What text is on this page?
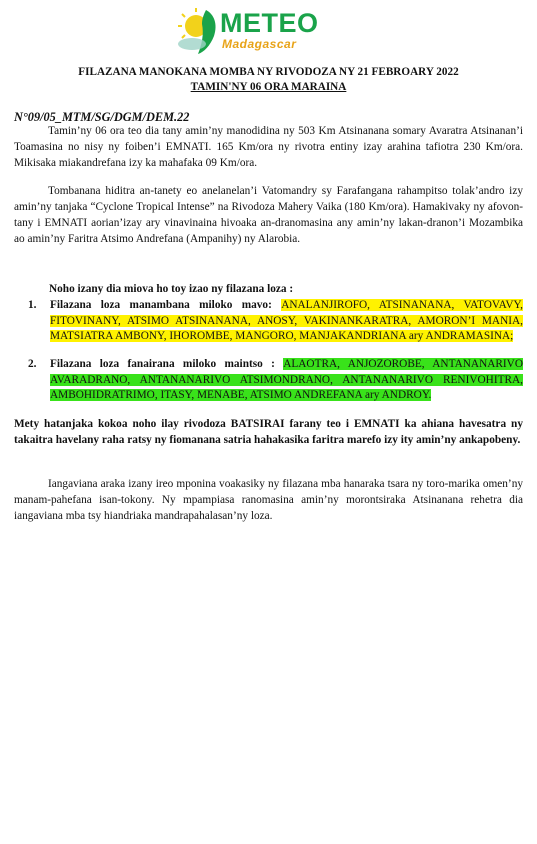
METEO
Madagascar
FILAZANA MANOKANA MOMBA NY RIVODOZA NY 21 FEBROARY 2022
TAMIN'NY 06 ORA MARAINA
N°09/05_MTM/SG/DGM/DEM.22
Tamin’ny 06 ora teo dia tany amin’ny manodidina ny 503 Km Atsinanana somary Avaratra Atsinanan’i Toamasina no nisy ny foiben’i EMNATI. 165 Km/ora ny rivotra entiny izay arahina tafiotra 230 Km/ora. Mikisaka miakandrefana izy ka mahafaka 09 Km/ora.
Tombanana hiditra an-tanety eo anelanelan’i Vatomandry sy Farafangana rahampitso tolak’andro izy amin’ny tanjaka “Cyclone Tropical Intense” na Rivodoza Mahery Vaika (180 Km/ora). Hamakivaky ny afovon-tany i EMNATI aorian’izay ary vinavinaina hivoaka an-dranomasina any amin’ny lakan-dranon’i Mozambika ao amin’ny Faritra Atsimo Andrefana (Ampanihy) ny Alarobia.
Noho izany dia miova ho toy izao ny filazana loza :
1. Filazana loza manambana miloko mavo: ANALANJIROFO, ATSINANANA, VATOVAVY, FITOVINANY, ATSIMO ATSINANANA, ANOSY, VAKINANKARATRA, AMORON’I MANIA, MATSIATRA AMBONY, IHOROMBE, MANGORO, MANJAKANDRIANA ary ANDRAMASINA;
2. Filazana loza fanairana miloko maintso : ALAOTRA, ANJOZOROBE, ANTANANARIVO AVARADRANO, ANTANANARIVO ATSIMONDRANO, ANTANANARIVO RENIVOHITRA, AMBOHIDRATRIMO, ITASY, MENABE, ATSIMO ANDREFANA ary ANDROY.
Mety hatanjaka kokoa noho ilay rivodoza BATSIRAI farany teo i EMNATI ka ahiana havesatra ny takaitra havelany raha ratsy ny fiomanana satria hahakasika faritra marefo izy ity amin’ny ankapobeny.
Iangaviana araka izany ireo mponina voakasiky ny filazana mba hanaraka tsara ny toro-marika omen’ny manam-pahefana isan-tokony. Ny mpampiasa ranomasina amin’ny morontsiraka Atsinanana rehetra dia iangaviana mba tsy hiandriaka mandrapahalasan’ny loza.
